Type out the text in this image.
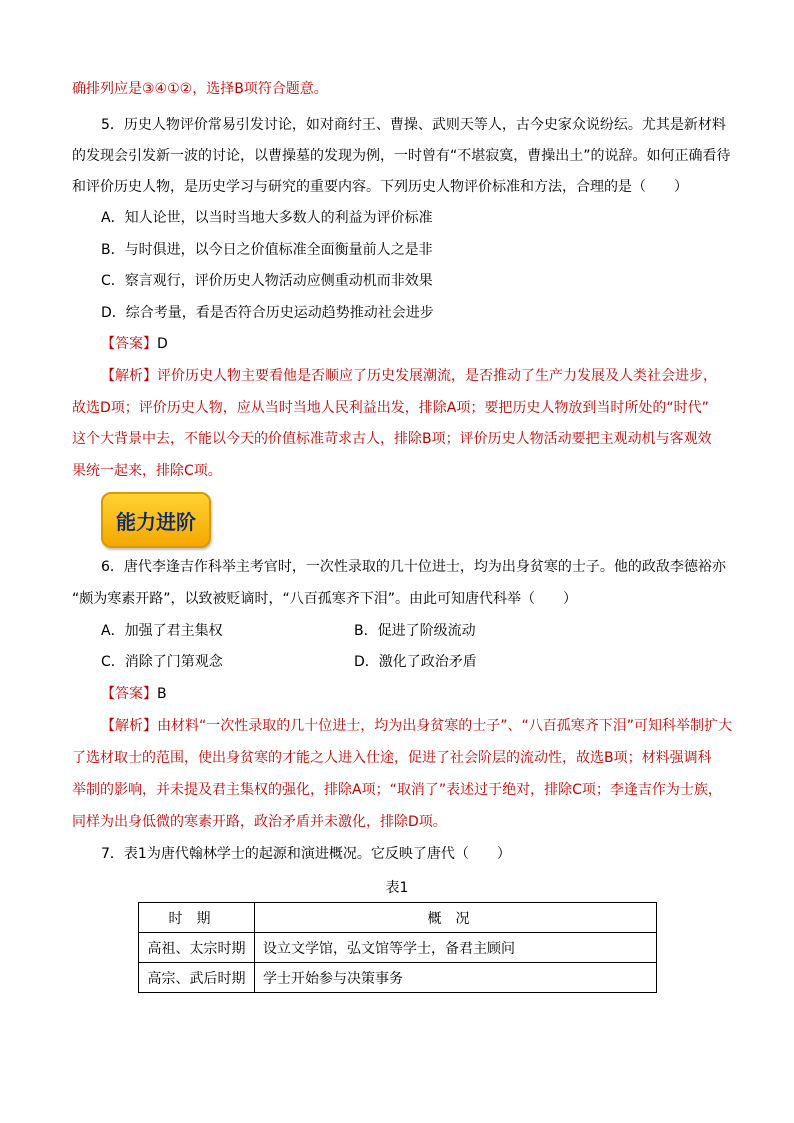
确排列应是③④①②，选择B项符合题意。
5．历史人物评价常易引发讨论，如对商纣王、曹操、武则天等人，古今史家众说纷纭。尤其是新材料
的发现会引发新一波的讨论，以曹操墓的发现为例，一时曾有“不堪寂寞，曹操出土”的说辞。如何正确看待
和评价历史人物，是历史学习与研究的重要内容。下列历史人物评价标准和方法，合理的是（　　）
A．知人论世，以当时当地大多数人的利益为评价标准
B．与时俱进，以今日之价值标准全面衡量前人之是非
C．察言观行，评价历史人物活动应侧重动机而非效果
D．综合考量，看是否符合历史运动趋势推动社会进步
【答案】D
【解析】评价历史人物主要看他是否顺应了历史发展潮流，是否推动了生产力发展及人类社会进步，
故选D项；评价历史人物，应从当时当地人民利益出发，排除A项；要把历史人物放到当时所处的“时代”
这个大背景中去，不能以今天的价值标准苛求古人，排除B项；评价历史人物活动要把主观动机与客观效
果统一起来，排除C项。
能力进阶
6．唐代李逢吉作科举主考官时，一次性录取的几十位进士，均为出身贫寒的士子。他的政敌李德裕亦
“颇为寒素开路”，以致被贬谪时，“八百孤寒齐下泪”。由此可知唐代科举（　　）
A．加强了君主集权	B．促进了阶级流动
C．消除了门第观念	D．激化了政治矛盾
【答案】B
【解析】由材料“一次性录取的几十位进士，均为出身贫寒的士子”、“八百孤寒齐下泪”可知科举制扩大
了选材取士的范围，使出身贫寒的才能之人进入仕途，促进了社会阶层的流动性，故选B项；材料强调科
举制的影响，并未提及君主集权的强化，排除A项；“取消了”表述过于绝对，排除C项；李逢吉作为士族，
同样为出身低微的寒素开路，政治矛盾并未激化，排除D项。
7．表1为唐代翰林学士的起源和演进概况。它反映了唐代（　　）
表1
时期	概况
高祖、太宗时期	设立文学馆，弘文馆等学士，备君主顾问
高宗、武后时期	学士开始参与决策事务
